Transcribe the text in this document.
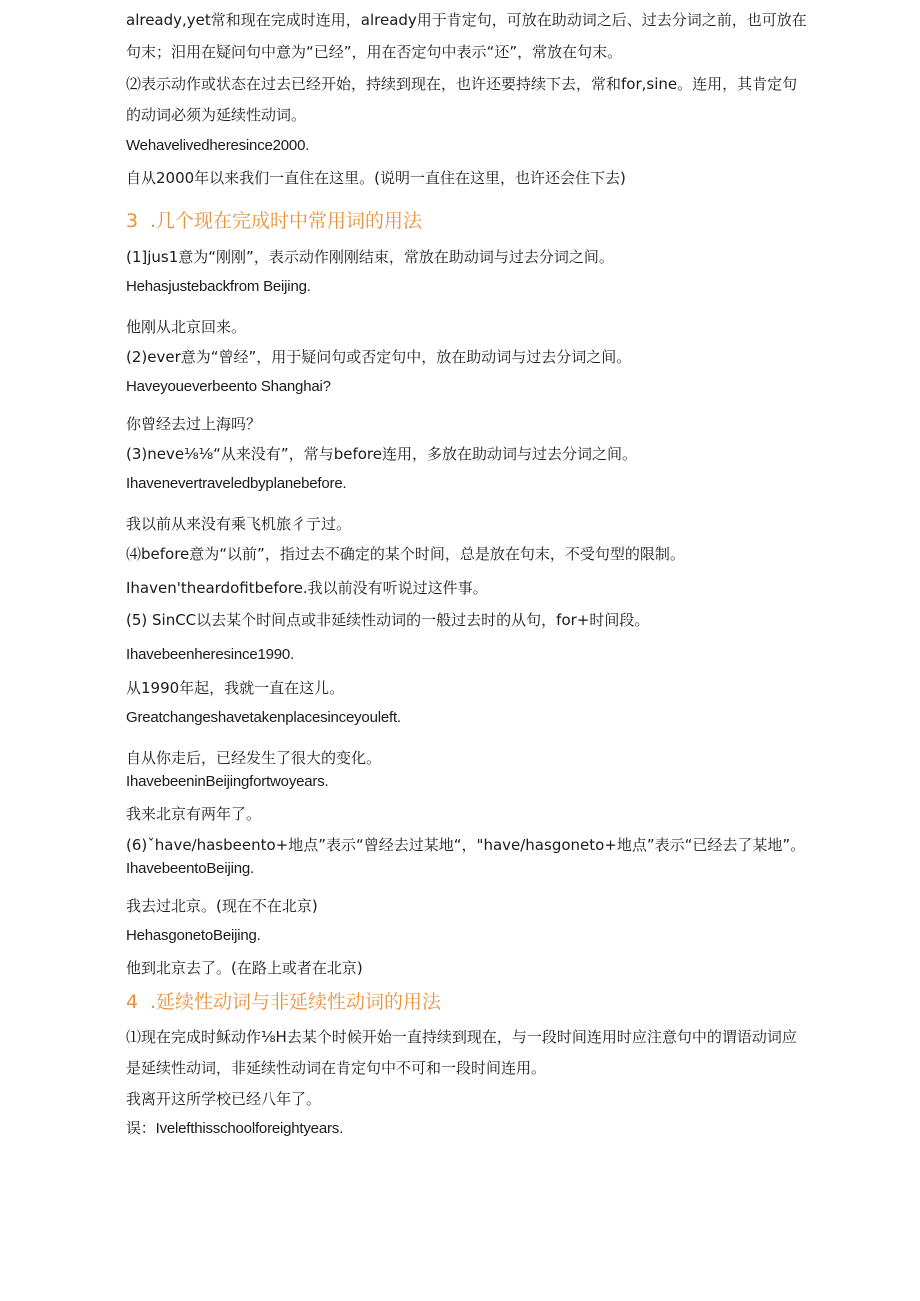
already,yet常和现在完成时连用，already用于肯定句，可放在助动词之后、过去分词之前，也可放在
句末；汨用在疑问句中意为“已经”，用在否定句中表示“还”，常放在句末。
⑵表示动作或状态在过去已经开始，持续到现在，也许还要持续下去，常和for,sine。连用，其肯定句
的动词必须为延续性动词。
Wehavelivedheresince2000.
自从2000年以来我们一直住在这里。(说明一直住在这里，也许还会住下去)
3 .几个现在完成时中常用词的用法
(1]jus1意为“刚刚”，表示动作刚刚结束，常放在助动词与过去分词之间。
Hehasjustebackfrom Beijing.
他刚从北京回来。
(2)ever意为“曾经”，用于疑问句或否定句中，放在助动词与过去分词之间。
Haveyoueverbeento Shanghai?
你曾经去过上海吗？
(3)neve⅛⅛“从来没有”，常与before连用，多放在助动词与过去分词之间。
Ihavenevertraveledbyplanebefore.
我以前从来没有乘飞机旅彳亍过。
⑷before意为“以前”，指过去不确定的某个时间，总是放在句末，不受句型的限制。
Ihaven'theardofitbefore.我以前没有听说过这件事。
(5) SinCC以去某个时间点或非延续性动词的一般过去时的从句，for+时间段。
Ihavebeenheresince1990.
从1990年起，我就一直在这儿。
Greatchangeshavetakenplacesinceyouleft.
自从你走后，已经发生了很大的变化。
IhavebeeninBeijingfortwoyears.
我来北京有两年了。
(6)ˇhave∕hasbeento+地点”表示“曾经去过某地“，"have/hasgoneto+地点”表示“已经去了某地”。
IhavebeentoBeijing.
我去过北京。(现在不在北京)
HehasgonetoBeijing.
他到北京去了。(在路上或者在北京)
4 .延续性动词与非延续性动词的用法
⑴现在完成时稣动作⅛H去某个时候开始一直持续到现在，与一段时间连用时应注意句中的谓语动词应
是延续性动词，非延续性动词在肯定句中不可和一段时间连用。
我离开这所学校已经八年了。
误：Ivelefthisschoolforeightyears.
